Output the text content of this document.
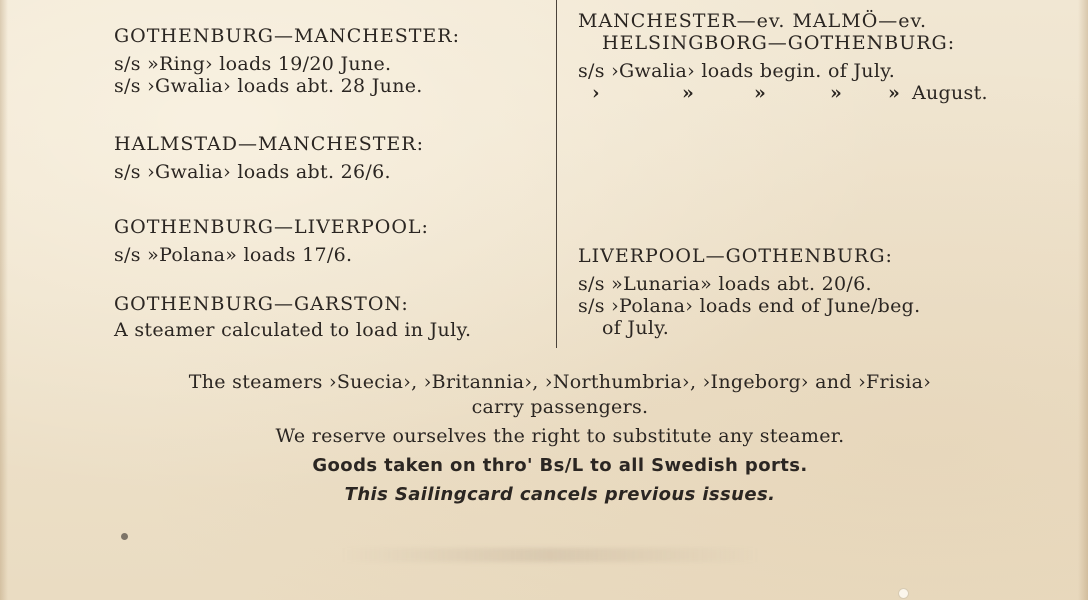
GOTHENBURG—MANCHESTER:
s/s »Ring› loads 19/20 June.
s/s ›Gwalia› loads abt. 28 June.
HALMSTAD—MANCHESTER:
s/s ›Gwalia› loads abt. 26/6.
GOTHENBURG—LIVERPOOL:
s/s »Polana» loads 17/6.
GOTHENBURG—GARSTON:
A steamer calculated to load in July.
MANCHESTER—ev. MALMÖ—ev.
HELSINGBORG—GOTHENBURG:
s/s ›Gwalia› loads begin. of July.
›	»	»	» » August.
LIVERPOOL—GOTHENBURG:
s/s »Lunaria» loads abt. 20/6.
s/s ›Polana› loads end of June/beg.
of July.
The steamers ›Suecia›, ›Britannia›, ›Northumbria›, ›Ingeborg› and ›Frisia›
carry passengers.
We reserve ourselves the right to substitute any steamer.
Goods taken on thro' Bs/L to all Swedish ports.
This Sailingcard cancels previous issues.
